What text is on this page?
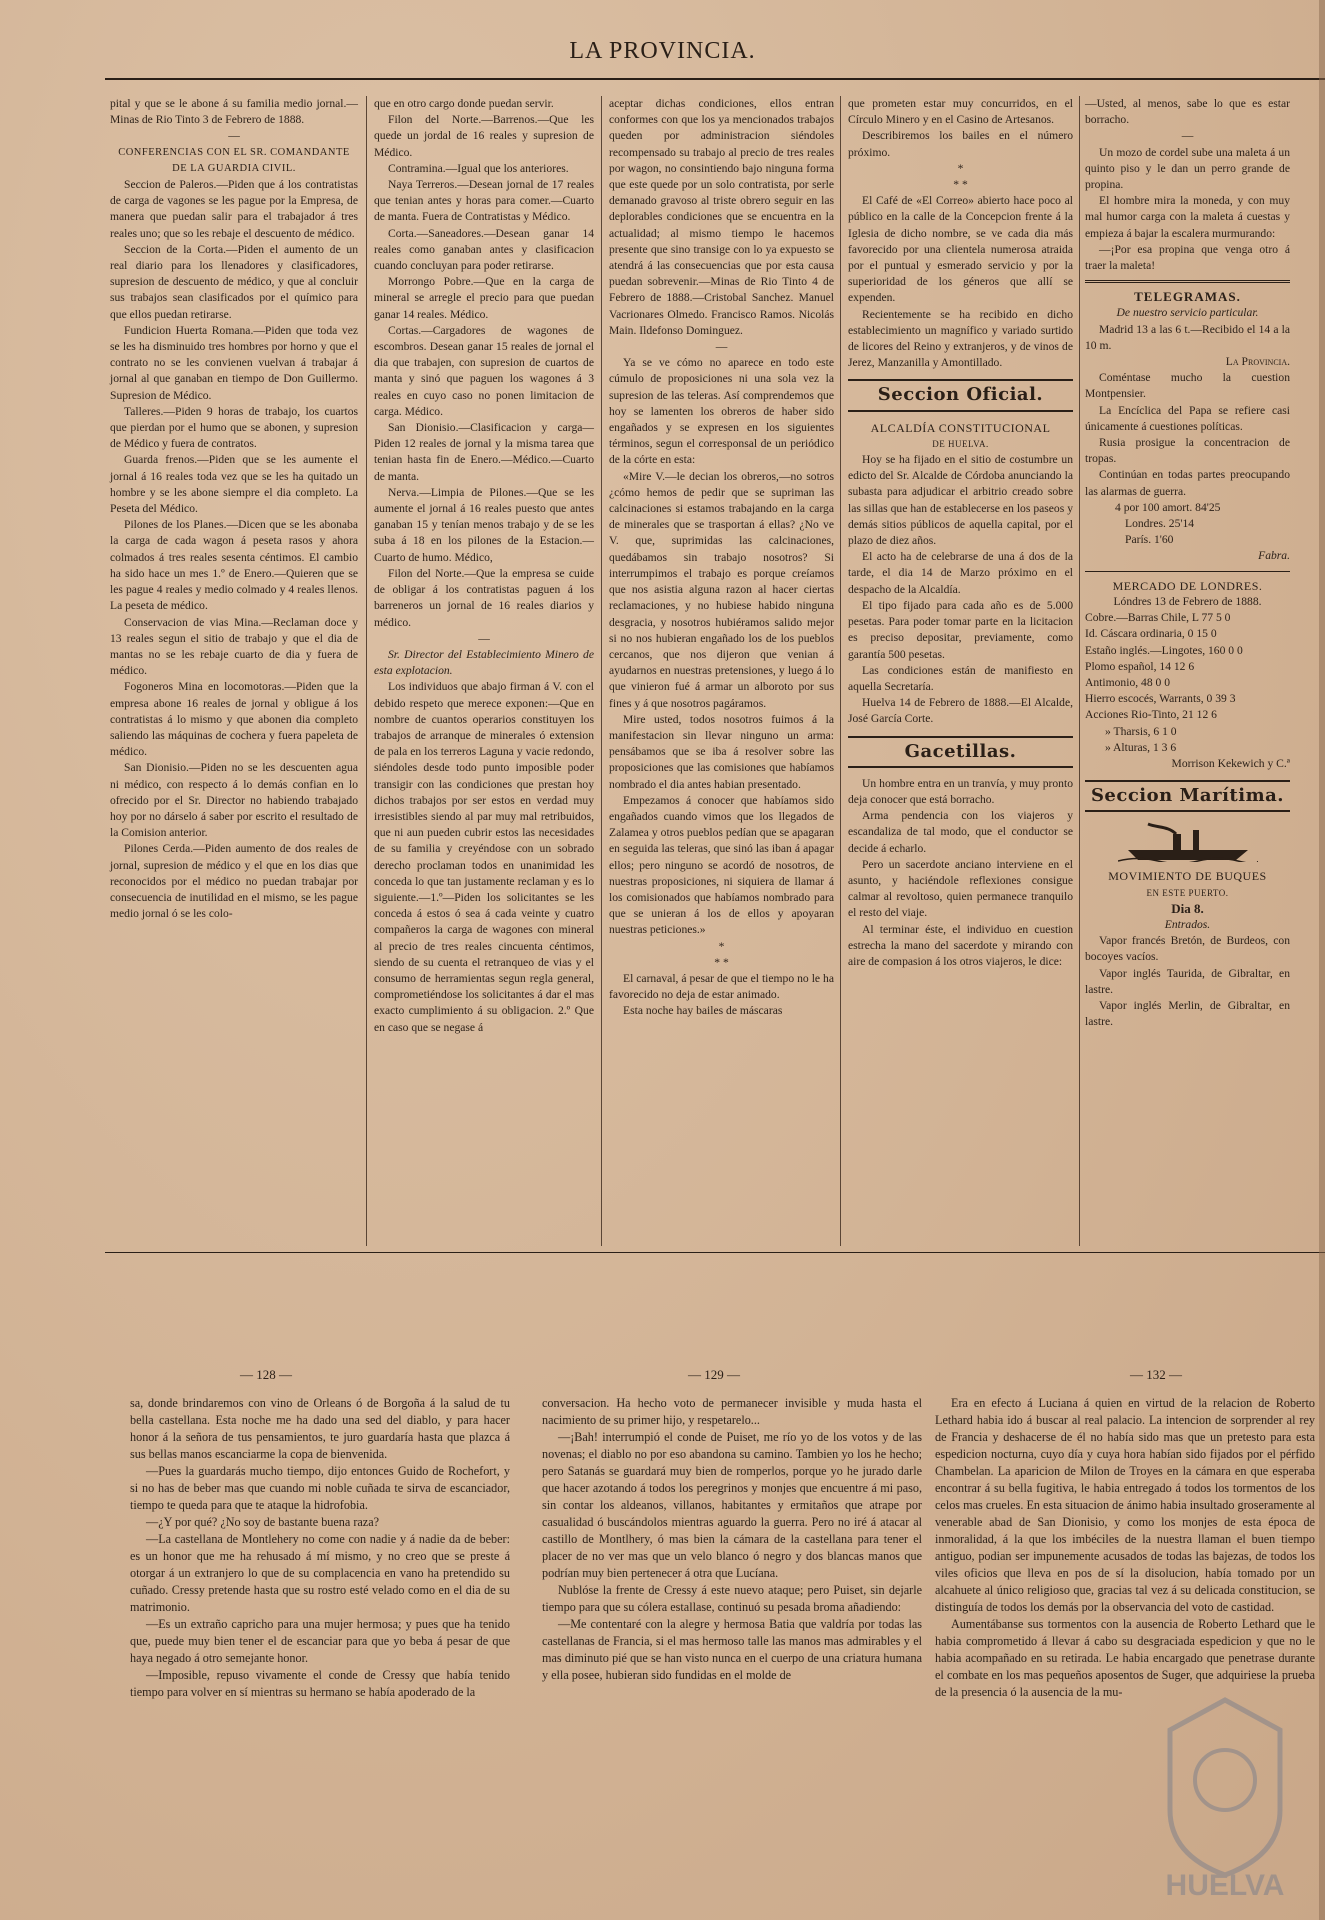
LA PROVINCIA.

pital y que se le abone á su familia medio jornal.—Minas de Rio Tinto 3 de Febrero de 1888.

—

CONFERENCIAS CON EL SR. COMANDANTE DE LA GUARDIA CIVIL.

Seccion de Paleros.—Piden que á los contratistas de carga de vagones se les pague por la Empresa, de manera que puedan salir para el trabajador á tres reales uno; que so les rebaje el descuento de médico.

Seccion de la Corta.—Piden el aumento de un real diario para los llenadores y clasificadores, supresion de descuento de médico, y que al concluir sus trabajos sean clasificados por el químico para que ellos puedan retirarse.

Fundicion Huerta Romana.—Piden que toda vez se les ha disminuido tres hombres por horno y que el contrato no se les convienen vuelvan á trabajar á jornal al que ganaban en tiempo de Don Guillermo. Supresion de Médico.

Talleres.—Piden 9 horas de trabajo, los cuartos que pierdan por el humo que se abonen, y supresion de Médico y fuera de contratos.

Guarda frenos.—Piden que se les aumente el jornal á 16 reales toda vez que se les ha quitado un hombre y se les abone siempre el dia completo. La Peseta del Médico.

Pilones de los Planes.—Dicen que se les abonaba la carga de cada wagon á peseta rasos y ahora colmados á tres reales sesenta céntimos. El cambio ha sido hace un mes 1.º de Enero.—Quieren que se les pague 4 reales y medio colmado y 4 reales llenos. La peseta de médico.

Conservacion de vias Mina.—Reclaman doce y 13 reales segun el sitio de trabajo y que el dia de mantas no se les rebaje cuarto de dia y fuera de médico.

Fogoneros Mina en locomotoras.—Piden que la empresa abone 16 reales de jornal y obligue á los contratistas á lo mismo y que abonen dia completo saliendo las máquinas de cochera y fuera papeleta de médico.

San Dionisio.—Piden no se les descuenten agua ni médico, con respecto á lo demás confian en lo ofrecido por el Sr. Director no habiendo trabajado hoy por no dárselo á saber por escrito el resultado de la Comision anterior.

Pilones Cerda.—Piden aumento de dos reales de jornal, supresion de médico y el que en los dias que reconocidos por el médico no puedan trabajar por consecuencia de inutilidad en el mismo, se les pague medio jornal ó se les colo-

que en otro cargo donde puedan servir.

Filon del Norte.—Barrenos.—Que les quede un jordal de 16 reales y supresion de Médico.

Contramina.—Igual que los anteriores.

Naya Terreros.—Desean jornal de 17 reales que tenian antes y horas para comer.—Cuarto de manta. Fuera de Contratistas y Médico.

Corta.—Saneadores.—Desean ganar 14 reales como ganaban antes y clasificacion cuando concluyan para poder retirarse.

Morrongo Pobre.—Que en la carga de mineral se arregle el precio para que puedan ganar 14 reales. Médico.

Cortas.—Cargadores de wagones de escombros. Desean ganar 15 reales de jornal el dia que trabajen, con supresion de cuartos de manta y sinó que paguen los wagones á 3 reales en cuyo caso no ponen limitacion de carga. Médico.

San Dionisio.—Clasificacion y carga—Piden 12 reales de jornal y la misma tarea que tenian hasta fin de Enero.—Médico.—Cuarto de manta.

Nerva.—Limpia de Pilones.—Que se les aumente el jornal á 16 reales puesto que antes ganaban 15 y tenían menos trabajo y de se les suba á 18 en los pilones de la Estacion.—Cuarto de humo. Médico,

Filon del Norte.—Que la empresa se cuide de obligar á los contratistas paguen á los barreneros un jornal de 16 reales diarios y médico.

—

Sr. Director del Establecimiento Minero de esta explotacion.

Los individuos que abajo firman á V. con el debido respeto que merece exponen:—Que en nombre de cuantos operarios constituyen los trabajos de arranque de minerales ó extension de pala en los terreros Laguna y vacie redondo, siéndoles desde todo punto imposible poder transigir con las condiciones que prestan hoy dichos trabajos por ser estos en verdad muy irresistibles siendo al par muy mal retribuidos, que ni aun pueden cubrir estos las necesidades de su familia y creyéndose con un sobrado derecho proclaman todos en unanimidad les conceda lo que tan justamente reclaman y es lo siguiente.—1.º—Piden los solicitantes se les conceda á estos ó sea á cada veinte y cuatro compañeros la carga de wagones con mineral al precio de tres reales cincuenta céntimos, siendo de su cuenta el retranqueo de vias y el consumo de herramientas segun regla general, comprometiéndose los solicitantes á dar el mas exacto cumplimiento á su obligacion. 2.º Que en caso que se negase á

aceptar dichas condiciones, ellos entran conformes con que los ya mencionados trabajos queden por administracion siéndoles recompensado su trabajo al precio de tres reales por wagon, no consintiendo bajo ninguna forma que este quede por un solo contratista, por serle demanado gravoso al triste obrero seguir en las deplorables condiciones que se encuentra en la actualidad; al mismo tiempo le hacemos presente que sino transige con lo ya expuesto se atendrá á las consecuencias que por esta causa puedan sobrevenir.—Minas de Rio Tinto 4 de Febrero de 1888.—Cristobal Sanchez. Manuel Vacrionares Olmedo. Francisco Ramos. Nicolás Main. Ildefonso Dominguez.

—

Ya se ve cómo no aparece en todo este cúmulo de proposiciones ni una sola vez la supresion de las teleras. Así comprendemos que hoy se lamenten los obreros de haber sido engañados y se expresen en los siguientes términos, segun el corresponsal de un periódico de la córte en esta:

«Mire V.—le decian los obreros,—no sotros ¿cómo hemos de pedir que se supriman las calcinaciones si estamos trabajando en la carga de minerales que se trasportan á ellas? ¿No ve V. que, suprimidas las calcinaciones, quedábamos sin trabajo nosotros? Si interrumpimos el trabajo es porque creíamos que nos asistia alguna razon al hacer ciertas reclamaciones, y no hubiese habido ninguna desgracia, y nosotros hubiéramos salido mejor si no nos hubieran engañado los de los pueblos cercanos, que nos dijeron que venian á ayudarnos en nuestras pretensiones, y luego á lo que vinieron fué á armar un alboroto por sus fines y á que nosotros pagáramos.

Mire usted, todos nosotros fuimos á la manifestacion sin llevar ninguno un arma: pensábamos que se iba á resolver sobre las proposiciones que las comisiones que habíamos nombrado el dia antes habian presentado.

Empezamos á conocer que habíamos sido engañados cuando vimos que los llegados de Zalamea y otros pueblos pedían que se apagaran en seguida las teleras, que sinó las iban á apagar ellos; pero ninguno se acordó de nosotros, de nuestras proposiciones, ni siquiera de llamar á los comisionados que habíamos nombrado para que se unieran á los de ellos y apoyaran nuestras peticiones.»

*
* *

El carnaval, á pesar de que el tiempo no le ha favorecido no deja de estar animado.

Esta noche hay bailes de máscaras

que prometen estar muy concurridos, en el Círculo Minero y en el Casino de Artesanos.

Describiremos los bailes en el número próximo.

*
* *

El Café de «El Correo» abierto hace poco al público en la calle de la Concepcion frente á la Iglesia de dicho nombre, se ve cada dia más favorecido por una clientela numerosa atraida por el puntual y esmerado servicio y por la superioridad de los géneros que allí se expenden.

Recientemente se ha recibido en dicho establecimiento un magnífico y variado surtido de licores del Reino y extranjeros, y de vinos de Jerez, Manzanilla y Amontillado.

Seccion Oficial.

ALCALDÍA CONSTITUCIONAL

DE HUELVA.

Hoy se ha fijado en el sitio de costumbre un edicto del Sr. Alcalde de Córdoba anunciando la subasta para adjudicar el arbitrio creado sobre las sillas que han de establecerse en los paseos y demás sitios públicos de aquella capital, por el plazo de diez años.

El acto ha de celebrarse de una á dos de la tarde, el dia 14 de Marzo próximo en el despacho de la Alcaldía.

El tipo fijado para cada año es de 5.000 pesetas. Para poder tomar parte en la licitacion es preciso depositar, previamente, como garantía 500 pesetas.

Las condiciones están de manifiesto en aquella Secretaría.

Huelva 14 de Febrero de 1888.—El Alcalde, José García Corte.

Gacetillas.

Un hombre entra en un tranvía, y muy pronto deja conocer que está borracho.

Arma pendencia con los viajeros y escandaliza de tal modo, que el conductor se decide á echarlo.

Pero un sacerdote anciano interviene en el asunto, y haciéndole reflexiones consigue calmar al revoltoso, quien permanece tranquilo el resto del viaje.

Al terminar éste, el individuo en cuestion estrecha la mano del sacerdote y mirando con aire de compasion á los otros viajeros, le dice:

—Usted, al menos, sabe lo que es estar borracho.

—

Un mozo de cordel sube una maleta á un quinto piso y le dan un perro grande de propina.

El hombre mira la moneda, y con muy mal humor carga con la maleta á cuestas y empieza á bajar la escalera murmurando:

—¡Por esa propina que venga otro á traer la maleta!

TELEGRAMAS.

De nuestro servicio particular.

Madrid 13 a las 6 t.—Recibido el 14 a la 10 m.

La Provincia.

Coméntase mucho la cuestion Montpensier.

La Encíclica del Papa se refiere casi únicamente á cuestiones políticas.

Rusia prosigue la concentracion de tropas.

Continúan en todas partes preocupando las alarmas de guerra.

4 por 100 amort. 84'25

Londres. 25'14

París. 1'60

Fabra.

MERCADO DE LONDRES.

Lóndres 13 de Febrero de 1888.

Cobre.—Barras Chile, L 77 5 0

Id. Cáscara ordinaria, 0 15 0

Estaño inglés.—Lingotes, 160 0 0

Plomo español, 14 12 6

Antimonio, 48 0 0

Hierro escocés, Warrants, 0 39 3

Acciones Rio-Tinto, 21 12 6

» Tharsis, 6 1 0

» Alturas, 1 3 6

Morrison Kekewich y C.ª

Seccion Marítima.

MOVIMIENTO DE BUQUES

EN ESTE PUERTO.

Dia 8.

Entrados.

Vapor francés Bretón, de Burdeos, con bocoyes vacíos.

Vapor inglés Taurida, de Gibraltar, en lastre.

Vapor inglés Merlin, de Gibraltar, en lastre.

— 128 —	— 129 —	— 132 —

sa, donde brindaremos con vino de Orleans ó de Borgoña á la salud de tu bella castellana. Esta noche me ha dado una sed del diablo, y para hacer honor á la señora de tus pensamientos, te juro guardaría hasta que plazca á sus bellas manos escanciarme la copa de bienvenida.

—Pues la guardarás mucho tiempo, dijo entonces Guido de Rochefort, y si no has de beber mas que cuando mi noble cuñada te sirva de escanciador, tiempo te queda para que te ataque la hidrofobia.

—¿Y por qué? ¿No soy de bastante buena raza?

—La castellana de Montlehery no come con nadie y á nadie da de beber: es un honor que me ha rehusado á mí mismo, y no creo que se preste á otorgar á un extranjero lo que de su complacencia en vano ha pretendido su cuñado. Cressy pretende hasta que su rostro esté velado como en el dia de su matrimonio.

—Es un extraño capricho para una mujer hermosa; y pues que ha tenido que, puede muy bien tener el de escanciar para que yo beba á pesar de que haya negado á otro semejante honor.

—Imposible, repuso vivamente el conde de Cressy que había tenido tiempo para volver en sí mientras su hermano se había apoderado de la

conversacion. Ha hecho voto de permanecer invisible y muda hasta el nacimiento de su primer hijo, y respetarelo...

—¡Bah! interrumpió el conde de Puiset, me río yo de los votos y de las novenas; el diablo no por eso abandona su camino. Tambien yo los he hecho; pero Satanás se guardará muy bien de romperlos, porque yo he jurado darle que hacer azotando á todos los peregrinos y monjes que encuentre á mi paso, sin contar los aldeanos, villanos, habitantes y ermitaños que atrape por casualidad ó buscándolos mientras aguardo la guerra. Pero no iré á atacar al castillo de Montlhery, ó mas bien la cámara de la castellana para tener el placer de no ver mas que un velo blanco ó negro y dos blancas manos que podrían muy bien pertenecer á otra que Lucíana.

Nublóse la frente de Cressy á este nuevo ataque; pero Puiset, sin dejarle tiempo para que su cólera estallase, continuó su pesada broma añadiendo:

—Me contentaré con la alegre y hermosa Batia que valdría por todas las castellanas de Francia, si el mas hermoso talle las manos mas admirables y el mas diminuto pié que se han visto nunca en el cuerpo de una criatura humana y ella posee, hubieran sido fundidas en el molde de

Era en efecto á Luciana á quien en virtud de la relacion de Roberto Lethard habia ido á buscar al real palacio. La intencion de sorprender al rey de Francia y deshacerse de él no había sido mas que un pretesto para esta espedicion nocturna, cuyo día y cuya hora habían sido fijados por el pérfido Chambelan. La aparicion de Milon de Troyes en la cámara en que esperaba encontrar á su bella fugitiva, le habia entregado á todos los tormentos de los celos mas crueles. En esta situacion de ánimo habia insultado groseramente al venerable abad de San Dionisio, y como los monjes de esta época de inmoralidad, á la que los imbéciles de la nuestra llaman el buen tiempo antiguo, podian ser impunemente acusados de todas las bajezas, de todos los viles oficios que lleva en pos de sí la disolucion, había tomado por un alcahuete al único religioso que, gracias tal vez á su delicada constitucion, se distinguía de todos los demás por la observancia del voto de castidad.

Aumentábanse sus tormentos con la ausencia de Roberto Lethard que le habia comprometido á llevar á cabo su desgraciada espedicion y que no le habia acompañado en su retirada. Le habia encargado que penetrase durante el combate en los mas pequeños aposentos de Suger, que adquiriese la prueba de la presencia ó la ausencia de la mu-

HUELVA
